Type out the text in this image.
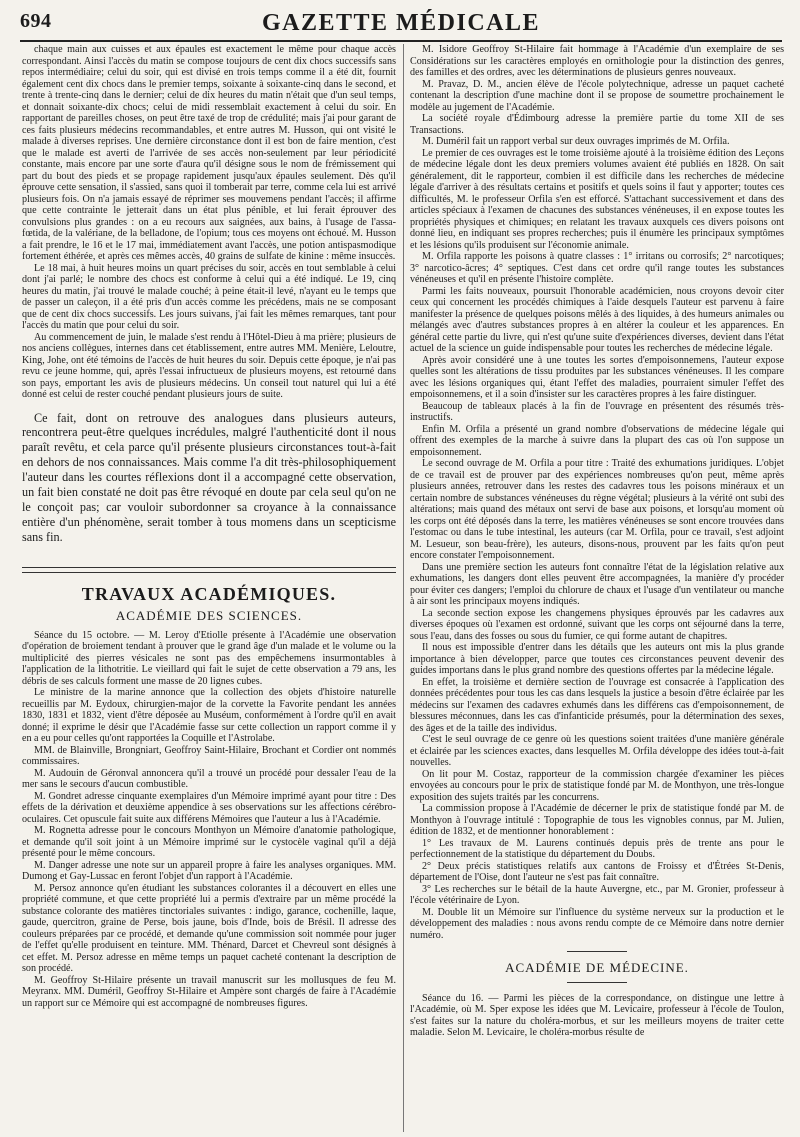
694	GAZETTE MÉDICALE

chaque main aux cuisses et aux épaules est exactement le même pour chaque accès correspondant. Ainsi l'accès du matin se compose toujours de cent dix chocs successifs sans repos intermédiaire; celui du soir, qui est divisé en trois temps comme il a été dit, fournit également cent dix chocs dans le premier temps, soixante à soixante-cinq dans le second, et trente à trente-cinq dans le dernier; celui de dix heures du matin n'était que d'un seul temps, et donnait soixante-dix chocs; celui de midi ressemblait exactement à celui du soir. En rapportant de pareilles choses, on peut être taxé de trop de crédulité; mais j'ai pour garant de ces faits plusieurs médecins recommandables, et entre autres M. Husson, qui ont visité le malade à diverses reprises. Une dernière circonstance dont il est bon de faire mention, c'est que le malade est averti de l'arrivée de ses accès non-seulement par leur périodicité constante, mais encore par une sorte d'aura qu'il désigne sous le nom de frémissement qui part du bout des pieds et se propage rapidement jusqu'aux épaules seulement. Dès qu'il éprouve cette sensation, il s'assied, sans quoi il tomberait par terre, comme cela lui est arrivé plusieurs fois. On n'a jamais essayé de réprimer ses mouvemens pendant l'accès; il affirme que cette contrainte le jetterait dans un état plus pénible, et lui ferait éprouver des convulsions plus grandes : on a eu recours aux saignées, aux bains, à l'usage de l'assa-fœtida, de la valériane, de la belladone, de l'opium; tous ces moyens ont échoué. M. Husson a fait prendre, le 16 et le 17 mai, immédiatement avant l'accès, une potion antispasmodique fortement éthérée, et après ces mêmes accès, 40 grains de sulfate de kinine : même insuccès.

Le 18 mai, à huit heures moins un quart précises du soir, accès en tout semblable à celui dont j'ai parlé; le nombre des chocs est conforme à celui qui a été indiqué. Le 19, cinq heures du matin, j'ai trouvé le malade couché; à peine était-il levé, n'ayant eu le temps que de passer un caleçon, il a été pris d'un accès comme les précédens, mais ne se composant que de cent dix chocs successifs. Les jours suivans, j'ai fait les mêmes remarques, tant pour l'accès du matin que pour celui du soir.

Au commencement de juin, le malade s'est rendu à l'Hôtel-Dieu à ma prière; plusieurs de nos anciens collègues, internes dans cet établissement, entre autres MM. Menière, Leloutre, King, Johe, ont été témoins de l'accès de huit heures du soir. Depuis cette époque, je n'ai pas revu ce jeune homme, qui, après l'essai infructueux de plusieurs moyens, est retourné dans son pays, emportant les avis de plusieurs médecins. Un conseil tout naturel qui lui a été donné est celui de rester couché pendant plusieurs jours de suite.

Ce fait, dont on retrouve des analogues dans plusieurs auteurs, rencontrera peut-être quelques incrédules, malgré l'authenticité dont il nous paraît revêtu, et cela parce qu'il présente plusieurs circonstances tout-à-fait en dehors de nos connaissances. Mais comme l'a dit très-philosophiquement l'auteur dans les courtes réflexions dont il a accompagné cette observation, un fait bien constaté ne doit pas être révoqué en doute par cela seul qu'on ne le conçoit pas; car vouloir subordonner sa croyance à la connaissance entière d'un phénomène, serait tomber à tous momens dans un scepticisme sans fin.

TRAVAUX ACADÉMIQUES.
ACADÉMIE DES SCIENCES.

Séance du 15 octobre. — M. Leroy d'Etiolle présente à l'Académie une observation d'opération de broiement tendant à prouver que le grand âge d'un malade et le volume ou la multiplicité des pierres vésicales ne sont pas des empêchemens insurmontables à l'application de la lithotritie. Le vieillard qui fait le sujet de cette observation a 79 ans, les débris de ses calculs forment une masse de 20 lignes cubes.

Le ministre de la marine annonce que la collection des objets d'histoire naturelle recueillis par M. Eydoux, chirurgien-major de la corvette la Favorite pendant les années 1830, 1831 et 1832, vient d'être déposée au Muséum, conformément à l'ordre qu'il en avait donné; il exprime le désir que l'Académie fasse sur cette collection un rapport comme il y en a eu pour celles qu'ont rapportées la Coquille et l'Astrolabe.

MM. de Blainville, Brongniart, Geoffroy Saint-Hilaire, Brochant et Cordier ont nommés commissaires.

M. Audouin de Géronval annoncera qu'il a trouvé un procédé pour dessaler l'eau de la mer sans le secours d'aucun combustible.

M. Gondret adresse cinquante exemplaires d'un Mémoire imprimé ayant pour titre : Des effets de la dérivation et deuxième appendice à ses observations sur les affections cérébro-oculaires. Cet opuscule fait suite aux différens Mémoires que l'auteur a lus à l'Académie.

M. Rognetta adresse pour le concours Monthyon un Mémoire d'anatomie pathologique, et demande qu'il soit joint à un Mémoire imprimé sur le cystocèle vaginal qu'il a déjà présenté pour le même concours.

M. Danger adresse une note sur un appareil propre à faire les analyses organiques. MM. Dumong et Gay-Lussac en feront l'objet d'un rapport à l'Académie.

M. Persoz annonce qu'en étudiant les substances colorantes il a découvert en elles une propriété commune, et que cette propriété lui a permis d'extraire par un même procédé la substance colorante des matières tinctoriales suivantes : indigo, garance, cochenille, laque, gaude, quercitron, graine de Perse, bois jaune, bois d'Inde, bois de Brésil. Il adresse des couleurs préparées par ce procédé, et demande qu'une commission soit nommée pour juger de l'effet qu'elle produisent en teinture. MM. Thénard, Darcet et Chevreul sont désignés à cet effet. M. Persoz adresse en même temps un paquet cacheté contenant la description de son procédé.

M. Geoffroy St-Hilaire présente un travail manuscrit sur les mollusques de feu M. Meyranx. MM. Duméril, Geoffroy St-Hilaire et Ampère sont chargés de faire à l'Académie un rapport sur ce Mémoire qui est accompagné de nombreuses figures.

M. Isidore Geoffroy St-Hilaire fait hommage à l'Académie d'un exemplaire de ses Considérations sur les caractères employés en ornithologie pour la distinction des genres, des familles et des ordres, avec les déterminations de plusieurs genres nouveaux.

M. Pravaz, D. M., ancien élève de l'école polytechnique, adresse un paquet cacheté contenant la description d'une machine dont il se propose de soumettre prochainement le modèle au jugement de l'Académie.

La société royale d'Édimbourg adresse la première partie du tome XII de ses Transactions.

M. Duméril fait un rapport verbal sur deux ouvrages imprimés de M. Orfila.

Le premier de ces ouvrages est le tome troisième ajouté à la troisième édition des Leçons de médecine légale dont les deux premiers volumes avaient été publiés en 1828. On sait généralement, dit le rapporteur, combien il est difficile dans les recherches de médecine légale d'arriver à des résultats certains et positifs et quels soins il faut y apporter; toutes ces difficultés, M. le professeur Orfila s'en est efforcé. S'attachant successivement et dans des articles spéciaux à l'examen de chacunes des substances vénéneuses, il en expose toutes les propriétés physiques et chimiques; en relatant les travaux auxquels ces divers poisons ont donné lieu, en indiquant ses propres recherches; puis il énumère les principaux symptômes et les lésions qu'ils produisent sur l'économie animale.

M. Orfila rapporte les poisons à quatre classes : 1° irritans ou corrosifs; 2° narcotiques; 3° narcotico-âcres; 4° septiques. C'est dans cet ordre qu'il range toutes les substances vénéneuses et qu'il en présente l'histoire complète.

Parmi les faits nouveaux, poursuit l'honorable académicien, nous croyons devoir citer ceux qui concernent les procédés chimiques à l'aide desquels l'auteur est parvenu à faire manifester la présence de quelques poisons mêlés à des liquides, à des humeurs animales ou mélangés avec d'autres substances propres à en altérer la couleur et les apparences. En général cette partie du livre, qui n'est qu'une suite d'expériences diverses, devient dans l'état actuel de la science un guide indispensable pour toutes les recherches de médecine légale.

Après avoir considéré une à une toutes les sortes d'empoisonnemens, l'auteur expose quelles sont les altérations de tissu produites par les substances vénéneuses. Il les compare avec les lésions organiques qui, étant l'effet des maladies, pourraient simuler l'effet des empoisonnemens, et il a soin d'insister sur les caractères propres à les faire distinguer.

Beaucoup de tableaux placés à la fin de l'ouvrage en présentent des résumés très-instructifs.

Enfin M. Orfila a présenté un grand nombre d'observations de médecine légale qui offrent des exemples de la marche à suivre dans la plupart des cas où l'on suppose un empoisonnement.

Le second ouvrage de M. Orfila a pour titre : Traité des exhumations juridiques. L'objet de ce travail est de prouver par des expériences nombreuses qu'on peut, même après plusieurs années, retrouver dans les restes des cadavres tous les poisons minéraux et un certain nombre de substances vénéneuses du règne végétal; plusieurs à la vérité ont subi des altérations; mais quand des métaux ont servi de base aux poisons, et lorsqu'au moment où les corps ont été déposés dans la terre, les matières vénéneuses se sont encore trouvées dans l'estomac ou dans le tube intestinal, les auteurs (car M. Orfila, pour ce travail, s'est adjoint M. Lesueur, son beau-frère), les auteurs, disons-nous, prouvent par les faits qu'on peut encore constater l'empoisonnement.

Dans une première section les auteurs font connaître l'état de la législation relative aux exhumations, les dangers dont elles peuvent être accompagnées, la manière d'y procéder pour éviter ces dangers; l'emploi du chlorure de chaux et l'usage d'un ventilateur ou manche à air sont les principaux moyens indiqués.

La seconde section expose les changemens physiques éprouvés par les cadavres aux diverses époques où l'examen est ordonné, suivant que les corps ont séjourné dans la terre, sous l'eau, dans des fosses ou sous du fumier, ce qui forme autant de chapitres.

Il nous est impossible d'entrer dans les détails que les auteurs ont mis la plus grande importance à bien développer, parce que toutes ces circonstances peuvent devenir des guides importans dans le plus grand nombre des questions offertes par la médecine légale.

En effet, la troisième et dernière section de l'ouvrage est consacrée à l'application des données précédentes pour tous les cas dans lesquels la justice a besoin d'être éclairée par les médecins sur l'examen des cadavres exhumés dans les différens cas d'empoisonnement, de blessures méconnues, dans les cas d'infanticide présumés, pour la détermination des sexes, des âges et de la taille des individus.

C'est le seul ouvrage de ce genre où les questions soient traitées d'une manière générale et éclairée par les sciences exactes, dans lesquelles M. Orfila développe des idées tout-à-fait nouvelles.

On lit pour M. Costaz, rapporteur de la commission chargée d'examiner les pièces envoyées au concours pour le prix de statistique fondé par M. de Monthyon, une très-longue exposition des sujets traités par les concurrens.

La commission propose à l'Académie de décerner le prix de statistique fondé par M. de Monthyon à l'ouvrage intitulé : Topographie de tous les vignobles connus, par M. Julien, édition de 1832, et de mentionner honorablement :

1° Les travaux de M. Laurens continués depuis près de trente ans pour le perfectionnement de la statistique du département du Doubs.

2° Deux précis statistiques relatifs aux cantons de Froissy et d'Étrées St-Denis, département de l'Oise, dont l'auteur ne s'est pas fait connaître.

3° Les recherches sur le bétail de la haute Auvergne, etc., par M. Gronier, professeur à l'école vétérinaire de Lyon.

M. Double lit un Mémoire sur l'influence du système nerveux sur la production et le développement des maladies : nous avons rendu compte de ce Mémoire dans notre dernier numéro.

ACADÉMIE DE MÉDECINE.

Séance du 16. — Parmi les pièces de la correspondance, on distingue une lettre à l'Académie, où M. Sper expose les idées que M. Levicaire, professeur à l'école de Toulon, s'est faites sur la nature du choléra-morbus, et sur les meilleurs moyens de traiter cette maladie. Selon M. Levicaire, le choléra-morbus résulte de
